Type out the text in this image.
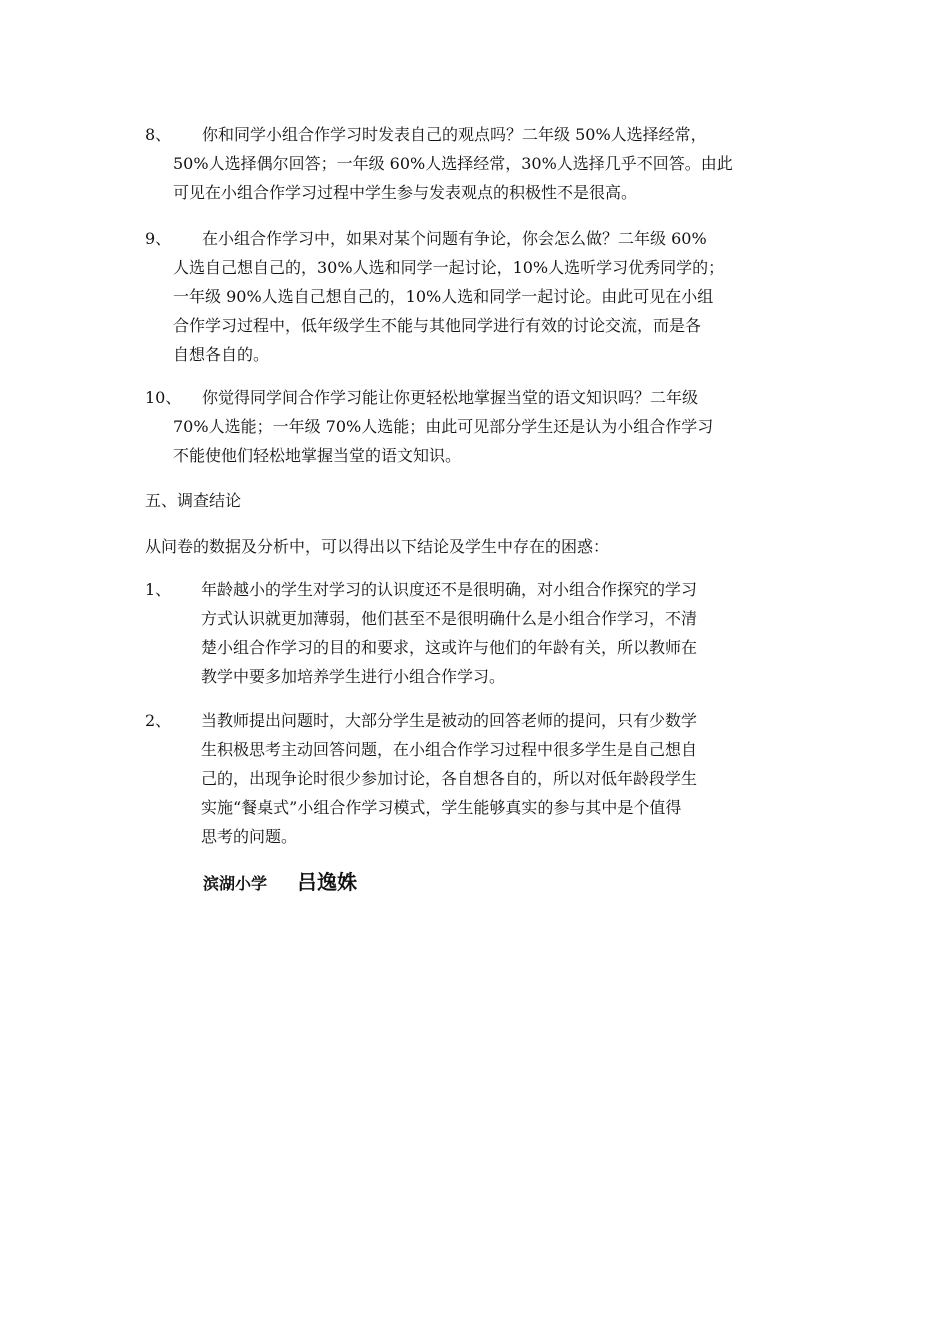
8、 你和同学小组合作学习时发表自己的观点吗？二年级 50%人选择经常，
50%人选择偶尔回答；一年级 60%人选择经常，30%人选择几乎不回答。由此
可见在小组合作学习过程中学生参与发表观点的积极性不是很高。
9、 在小组合作学习中，如果对某个问题有争论，你会怎么做？二年级 60%
人选自己想自己的，30%人选和同学一起讨论，10%人选听学习优秀同学的；
一年级 90%人选自己想自己的，10%人选和同学一起讨论。由此可见在小组
合作学习过程中，低年级学生不能与其他同学进行有效的讨论交流，而是各
自想各自的。
10、 你觉得同学间合作学习能让你更轻松地掌握当堂的语文知识吗？二年级
70%人选能；一年级 70%人选能；由此可见部分学生还是认为小组合作学习
不能使他们轻松地掌握当堂的语文知识。
五、调查结论
从问卷的数据及分析中，可以得出以下结论及学生中存在的困惑：
1、 年龄越小的学生对学习的认识度还不是很明确，对小组合作探究的学习
方式认识就更加薄弱，他们甚至不是很明确什么是小组合作学习，不清
楚小组合作学习的目的和要求，这或许与他们的年龄有关，所以教师在
教学中要多加培养学生进行小组合作学习。
2、 当教师提出问题时，大部分学生是被动的回答老师的提问，只有少数学
生积极思考主动回答问题，在小组合作学习过程中很多学生是自己想自
己的，出现争论时很少参加讨论，各自想各自的，所以对低年龄段学生
实施“餐桌式”小组合作学习模式，学生能够真实的参与其中是个值得
思考的问题。
滨湖小学 吕逸姝
